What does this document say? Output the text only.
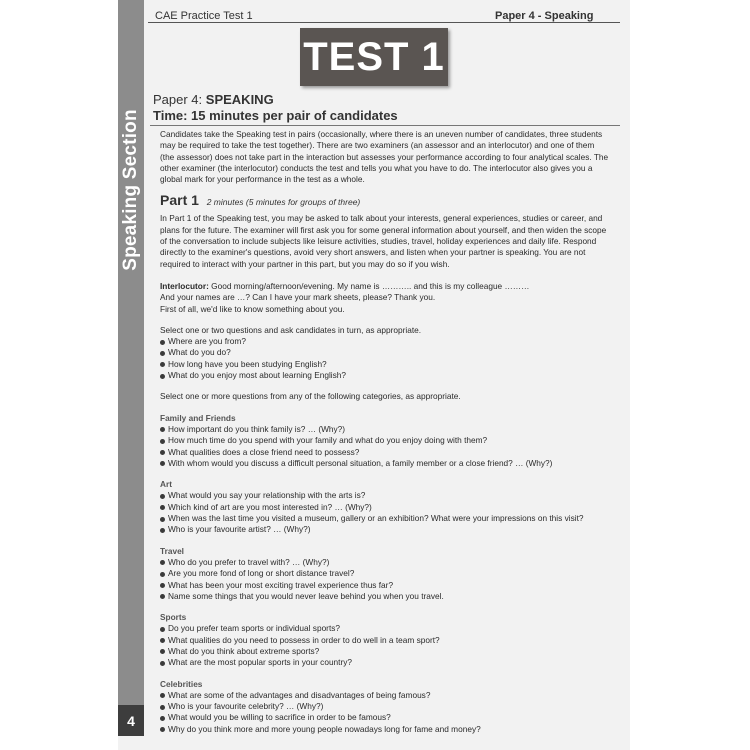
Speaking Section
4
CAE Practice Test 1	Paper 4 - Speaking
TEST 1
Paper 4: SPEAKING
Time: 15 minutes per pair of candidates

Candidates take the Speaking test in pairs (occasionally, where there is an uneven number of candidates, three students may be required to take the test together). There are two examiners (an assessor and an interlocutor) and one of them (the assessor) does not take part in the interaction but assesses your performance according to four analytical scales. The other examiner (the interlocutor) conducts the test and tells you what you have to do. The interlocutor also gives you a global mark for your performance in the test as a whole.

Part 1 2 minutes (5 minutes for groups of three)

In Part 1 of the Speaking test, you may be asked to talk about your interests, general experiences, studies or career, and plans for the future. The examiner will first ask you for some general information about yourself, and then widen the scope of the conversation to include subjects like leisure activities, studies, travel, holiday experiences and daily life. Respond directly to the examiner's questions, avoid very short answers, and listen when your partner is speaking. You are not required to interact with your partner in this part, but you may do so if you wish.

Interlocutor: Good morning/afternoon/evening. My name is ……….. and this is my colleague ………

And your names are …? Can I have your mark sheets, please? Thank you.

First of all, we'd like to know something about you.

Select one or two questions and ask candidates in turn, as appropriate.

Where are you from?
What do you do?
How long have you been studying English?
What do you enjoy most about learning English?

Select one or more questions from any of the following categories, as appropriate.

Family and Friends

How important do you think family is? … (Why?)
How much time do you spend with your family and what do you enjoy doing with them?
What qualities does a close friend need to possess?
With whom would you discuss a difficult personal situation, a family member or a close friend? … (Why?)

Art

What would you say your relationship with the arts is?
Which kind of art are you most interested in? … (Why?)
When was the last time you visited a museum, gallery or an exhibition? What were your impressions on this visit?
Who is your favourite artist? … (Why?)

Travel

Who do you prefer to travel with? … (Why?)
Are you more fond of long or short distance travel?
What has been your most exciting travel experience thus far?
Name some things that you would never leave behind you when you travel.

Sports

Do you prefer team sports or individual sports?
What qualities do you need to possess in order to do well in a team sport?
What do you think about extreme sports?
What are the most popular sports in your country?

Celebrities

What are some of the advantages and disadvantages of being famous?
Who is your favourite celebrity? … (Why?)
What would you be willing to sacrifice in order to be famous?
Why do you think more and more young people nowadays long for fame and money?
